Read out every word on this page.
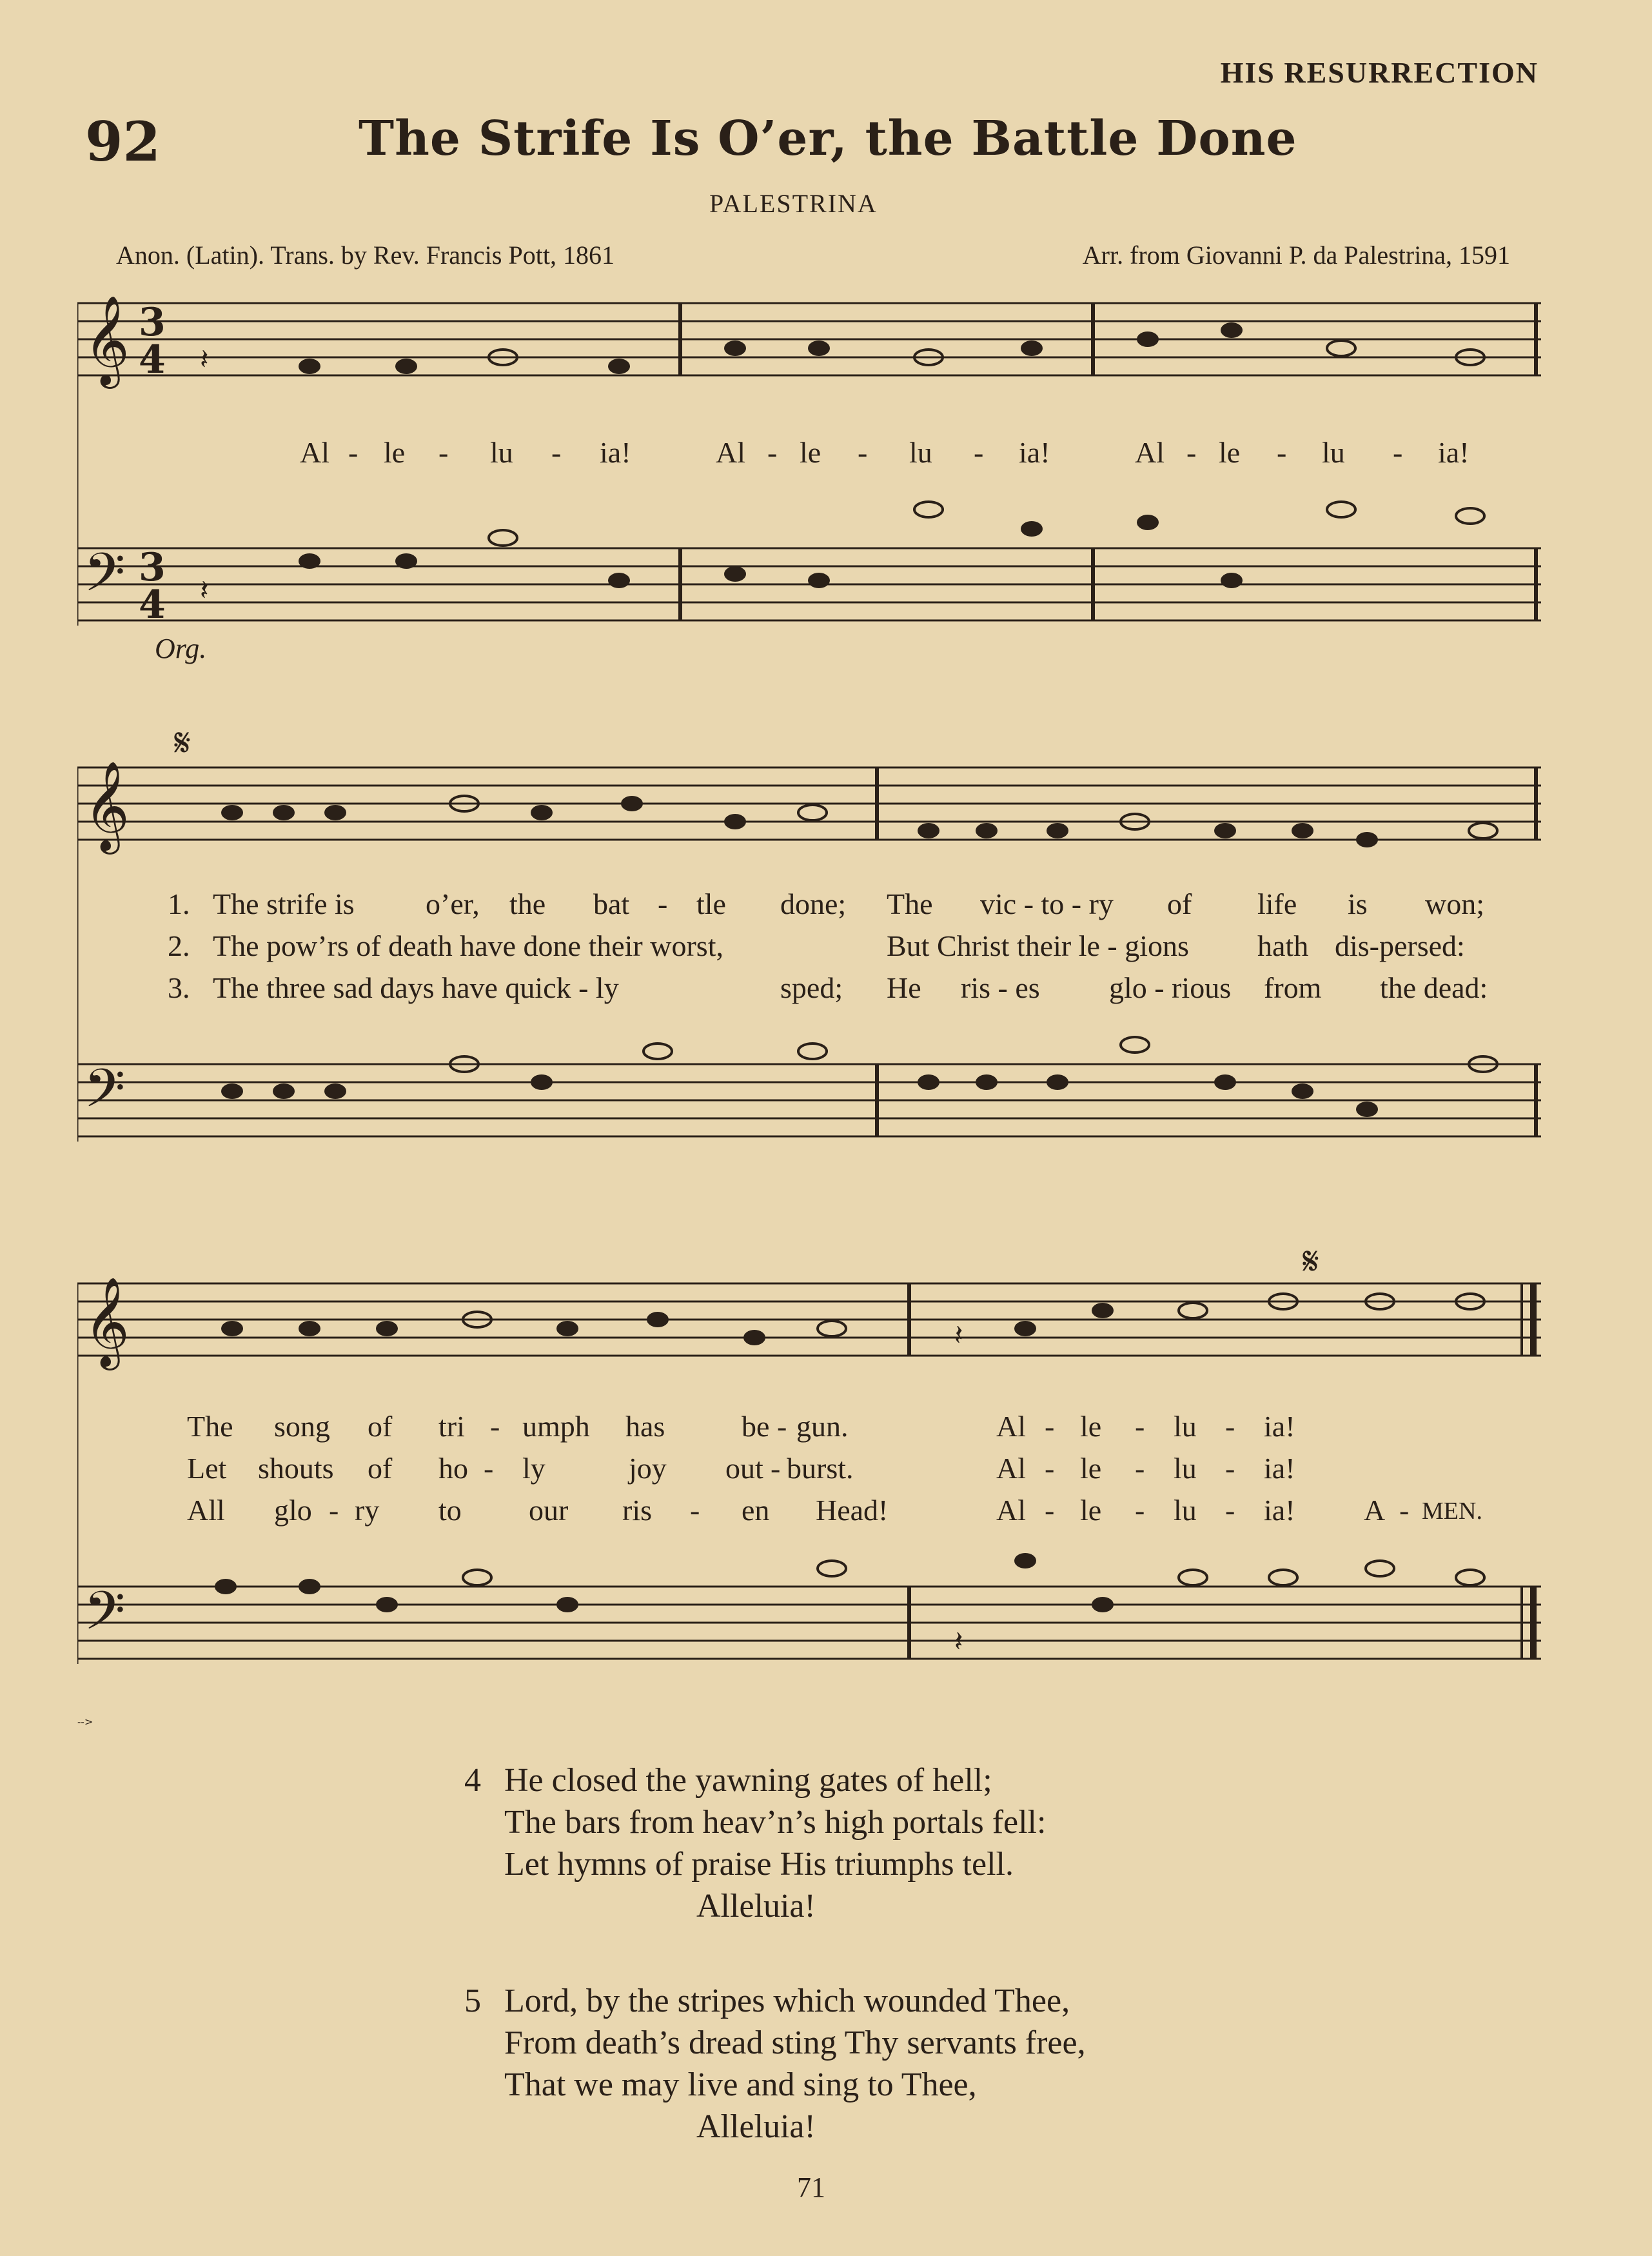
HIS RESURRECTION
92	The Strife Is O’er, the Battle Done
PALESTRINA
Anon. (Latin). Trans. by Rev. Francis Pott, 1861	Arr. from Giovanni P. da Palestrina, 1591
𝄞
𝄢
3
4
3
4
𝄽
𝄽
Al - le - lu - ia!	Al - le - lu - ia!	Al - le - lu - ia!
Org.
𝄞
𝄢
𝄋
1. The strife is o’er, the bat - tle done; The vic - to - ry of life is won;
2. The pow’rs of death have done their worst,	But Christ their le - gions hath dis-persed:
3. The three sad days have quick - ly	sped; He ris - es glo - rious from the dead:
𝄞
𝄢
𝄋
𝄽
𝄽
-->
The song of tri - umph has	be - gun.	Al - le - lu - ia!
Let shouts of ho - ly	joy out - burst.	Al - le - lu - ia!
All glo - ry to our ris - en Head!	Al - le - lu - ia! A - MEN.
4 He closed the yawning gates of hell;
The bars from heav’n’s high portals fell:
Let hymns of praise His triumphs tell.
Alleluia!
5 Lord, by the stripes which wounded Thee,
From death’s dread sting Thy servants free,
That we may live and sing to Thee,
Alleluia!
71
